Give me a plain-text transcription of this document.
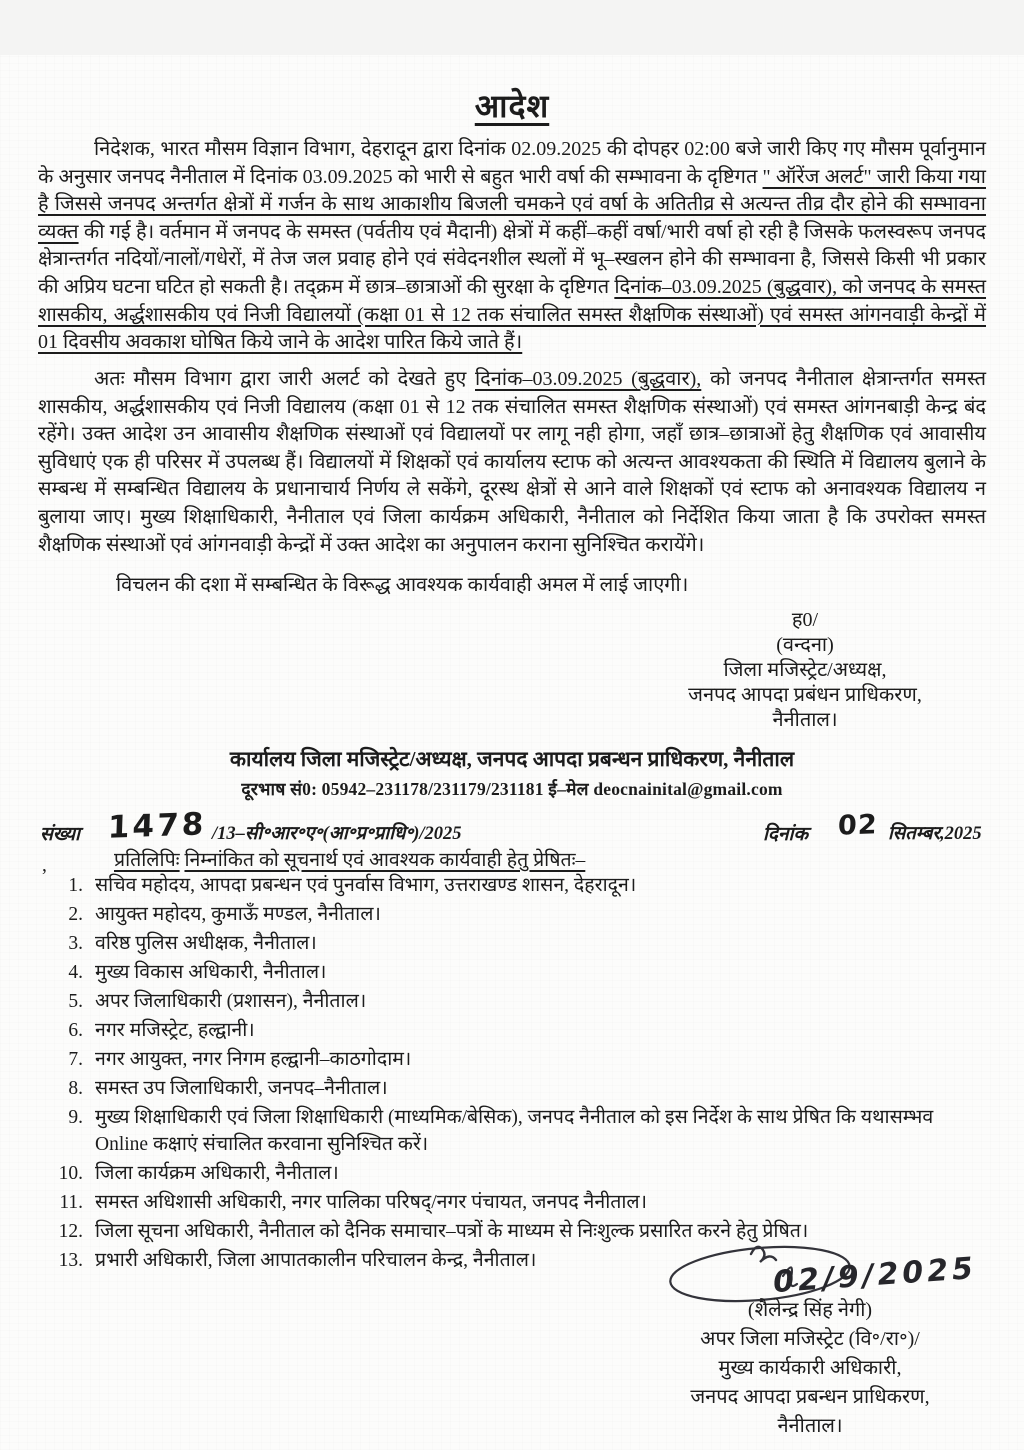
आदेश
निदेशक, भारत मौसम विज्ञान विभाग, देहरादून द्वारा दिनांक 02.09.2025 की दोपहर 02:00 बजे जारी किए गए मौसम पूर्वानुमान के अनुसार जनपद नैनीताल में दिनांक 03.09.2025 को भारी से बहुत भारी वर्षा की सम्भावना के दृष्टिगत " ऑरेंज अलर्ट" जारी किया गया है जिससे जनपद अन्तर्गत क्षेत्रों में गर्जन के साथ आकाशीय बिजली चमकने एवं वर्षा के अतितीव्र से अत्यन्त तीव्र दौर होने की सम्भावना व्यक्त की गई है। वर्तमान में जनपद के समस्त (पर्वतीय एवं मैदानी) क्षेत्रों में कहीं–कहीं वर्षा/भारी वर्षा हो रही है जिसके फलस्वरूप जनपद क्षेत्रान्तर्गत नदियों/नालों/गधेरों, में तेज जल प्रवाह होने एवं संवेदनशील स्थलों में भू–स्खलन होने की सम्भावना है, जिससे किसी भी प्रकार की अप्रिय घटना घटित हो सकती है। तद्क्रम में छात्र–छात्राओं की सुरक्षा के दृष्टिगत दिनांक–03.09.2025 (बुद्धवार), को जनपद के समस्त शासकीय, अर्द्धशासकीय एवं निजी विद्यालयों (कक्षा 01 से 12 तक संचालित समस्त शैक्षणिक संस्थाओं) एवं समस्त आंगनवाड़ी केन्द्रों में 01 दिवसीय अवकाश घोषित किये जाने के आदेश पारित किये जाते हैं।
अतः मौसम विभाग द्वारा जारी अलर्ट को देखते हुए दिनांक–03.09.2025 (बुद्धवार), को जनपद नैनीताल क्षेत्रान्तर्गत समस्त शासकीय, अर्द्धशासकीय एवं निजी विद्यालय (कक्षा 01 से 12 तक संचालित समस्त शैक्षणिक संस्थाओं) एवं समस्त आंगनबाड़ी केन्द्र बंद रहेंगे। उक्त आदेश उन आवासीय शैक्षणिक संस्थाओं एवं विद्यालयों पर लागू नही होगा, जहाँ छात्र–छात्राओं हेतु शैक्षणिक एवं आवासीय सुविधाएं एक ही परिसर में उपलब्ध हैं। विद्यालयों में शिक्षकों एवं कार्यालय स्टाफ को अत्यन्त आवश्यकता की स्थिति में विद्यालय बुलाने के सम्बन्ध में सम्बन्धित विद्यालय के प्रधानाचार्य निर्णय ले सकेंगे, दूरस्थ क्षेत्रों से आने वाले शिक्षकों एवं स्टाफ को अनावश्यक विद्यालय न बुलाया जाए। मुख्य शिक्षाधिकारी, नैनीताल एवं जिला कार्यक्रम अधिकारी, नैनीताल को निर्देशित किया जाता है कि उपरोक्त समस्त शैक्षणिक संस्थाओं एवं आंगनवाड़ी केन्द्रों में उक्त आदेश का अनुपालन कराना सुनिश्चित करायेंगे।
विचलन की दशा में सम्बन्धित के विरूद्ध आवश्यक कार्यवाही अमल में लाई जाएगी।
ह0/
(वन्दना)
जिला मजिस्ट्रेट/अध्यक्ष,
जनपद आपदा प्रबंधन प्राधिकरण,
नैनीताल।
कार्यालय जिला मजिस्ट्रेट/अध्यक्ष, जनपद आपदा प्रबन्धन प्राधिकरण, नैनीताल
दूरभाष सं0: 05942–231178/231179/231181 ई–मेल deocnainital@gmail.com
संख्या 1478 /13–सी॰आर॰ए॰(आ॰प्र॰प्राधि॰)/2025	दिनांक 02 सितम्बर,2025
,	प्रतिलिपिः निम्नांकित को सूचनार्थ एवं आवश्यक कार्यवाही हेतु प्रेषितः–
1. सचिव महोदय, आपदा प्रबन्धन एवं पुनर्वास विभाग, उत्तराखण्ड शासन, देहरादून।
2. आयुक्त महोदय, कुमाऊँ मण्डल, नैनीताल।
3. वरिष्ठ पुलिस अधीक्षक, नैनीताल।
4. मुख्य विकास अधिकारी, नैनीताल।
5. अपर जिलाधिकारी (प्रशासन), नैनीताल।
6. नगर मजिस्ट्रेट, हल्द्वानी।
7. नगर आयुक्त, नगर निगम हल्द्वानी–काठगोदाम।
8. समस्त उप जिलाधिकारी, जनपद–नैनीताल।
9. मुख्य शिक्षाधिकारी एवं जिला शिक्षाधिकारी (माध्यमिक/बेसिक), जनपद नैनीताल को इस निर्देश के साथ प्रेषित कि यथासम्भव Online कक्षाएं संचालित करवाना सुनिश्चित करें।
10. जिला कार्यक्रम अधिकारी, नैनीताल।
11. समस्त अधिशासी अधिकारी, नगर पालिका परिषद्/नगर पंचायत, जनपद नैनीताल।
12. जिला सूचना अधिकारी, नैनीताल को दैनिक समाचार–पत्रों के माध्यम से निःशुल्क प्रसारित करने हेतु प्रेषित।
13. प्रभारी अधिकारी, जिला आपातकालीन परिचालन केन्द्र, नैनीताल।	02/9/2025
(शैलेन्द्र सिंह नेगी)
अपर जिला मजिस्ट्रेट (वि॰/रा॰)/
मुख्य कार्यकारी अधिकारी,
जनपद आपदा प्रबन्धन प्राधिकरण,
नैनीताल।
